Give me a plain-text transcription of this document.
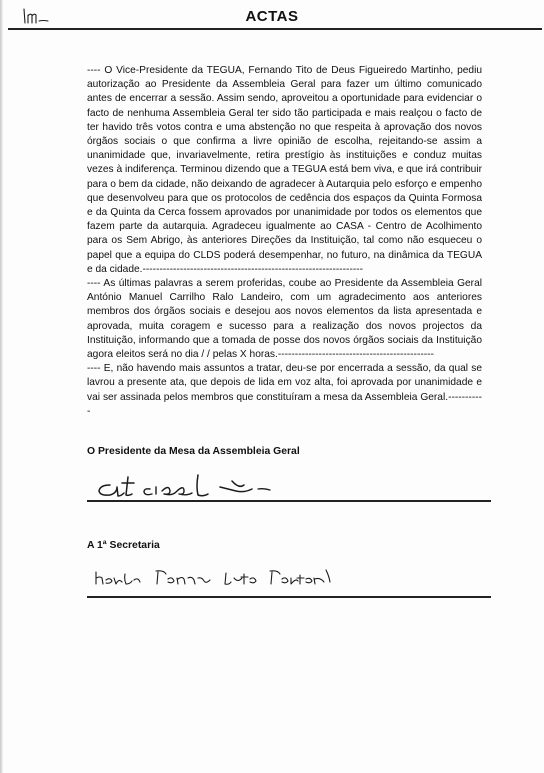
ACTAS

---- O Vice-Presidente da TEGUA, Fernando Tito de Deus Figueiredo Martinho, pediu autorização ao Presidente da Assembleia Geral para fazer um último comunicado antes de encerrar a sessão. Assim sendo, aproveitou a oportunidade para evidenciar o facto de nenhuma Assembleia Geral ter sido tão participada e mais realçou o facto de ter havido três votos contra e uma abstenção no que respeita à aprovação dos novos órgãos sociais o que confirma a livre opinião de escolha, rejeitando-se assim a unanimidade que, invariavelmente, retira prestígio às instituições e conduz muitas vezes à indiferença. Terminou dizendo que a TEGUA está bem viva, e que irá contribuir para o bem da cidade, não deixando de agradecer à Autarquia pelo esforço e empenho que desenvolveu para que os protocolos de cedência dos espaços da Quinta Formosa e da Quinta da Cerca fossem aprovados por unanimidade por todos os elementos que fazem parte da autarquia. Agradeceu igualmente ao CASA - Centro de Acolhimento para os Sem Abrigo, às anteriores Direções da Instituição, tal como não esqueceu o papel que a equipa do CLDS poderá desempenhar, no futuro, na dinâmica da TEGUA e da cidade.-----------------------------------------------------------------

---- As últimas palavras a serem proferidas, coube ao Presidente da Assembleia Geral António Manuel Carrilho Ralo Landeiro, com um agradecimento aos anteriores membros dos órgãos sociais e desejou aos novos elementos da lista apresentada e aprovada, muita coragem e sucesso para a realização dos novos projectos da Instituição, informando que a tomada de posse dos novos órgãos sociais da Instituição agora eleitos será no dia / / pelas X horas.----------------------------------------------

---- E, não havendo mais assuntos a tratar, deu-se por encerrada a sessão, da qual se lavrou a presente ata, que depois de lida em voz alta, foi aprovada por unanimidade e vai ser assinada pelos membros que constituíram a mesa da Assembleia Geral.-----------

O Presidente da Mesa da Assembleia Geral
A 1ª Secretaria
